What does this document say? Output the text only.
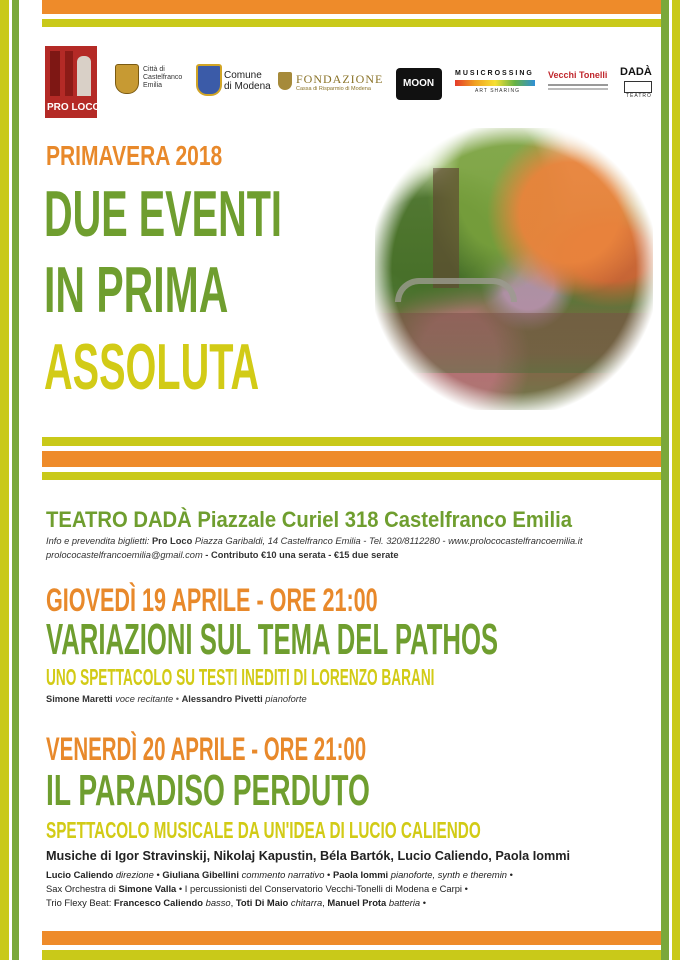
PRO LOCO
Città di
Castelfranco
Emilia
Comune
di Modena
FONDAZIONE
Cassa di Risparmio di Modena	MOON
MUSICROSSING
ART SHARING
Vecchi Tonelli DADÀ
TEATRO
PRIMAVERA 2018
DUE EVENTI
IN PRIMA
ASSOLUTA
TEATRO DADÀ Piazzale Curiel 318 Castelfranco Emilia
Info e prevendita biglietti: Pro Loco Piazza Garibaldi, 14 Castelfranco Emilia - Tel. 320/8112280 - www.prolococastelfrancoemilia.it
prolococastelfrancoemilia@gmail.com - Contributo €10 una serata - €15 due serate
GIOVEDÌ 19 APRILE - ORE 21:00
VARIAZIONI SUL TEMA DEL PATHOS
UNO SPETTACOLO SU TESTI INEDITI DI LORENZO BARANI
Simone Maretti voce recitante • Alessandro Pivetti pianoforte
VENERDÌ 20 APRILE - ORE 21:00
IL PARADISO PERDUTO
SPETTACOLO MUSICALE DA UN'IDEA DI LUCIO CALIENDO
Musiche di Igor Stravinskij, Nikolaj Kapustin, Béla Bartók, Lucio Caliendo, Paola Iommi
Lucio Caliendo direzione • Giuliana Gibellini commento narrativo • Paola Iommi pianoforte, synth e theremin •
Sax Orchestra di Simone Valla • I percussionisti del Conservatorio Vecchi-Tonelli di Modena e Carpi •
Trio Flexy Beat: Francesco Caliendo basso, Toti Di Maio chitarra, Manuel Prota batteria •
